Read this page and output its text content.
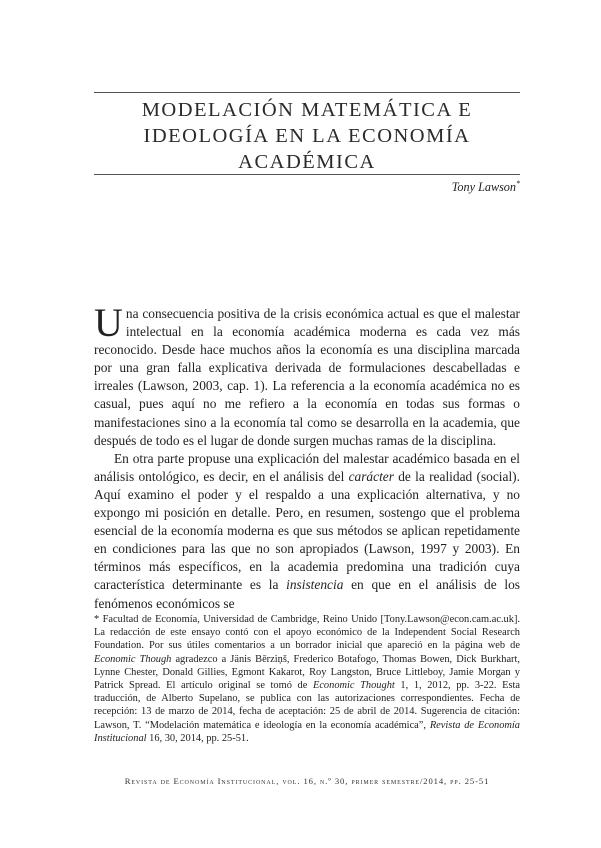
MODELACIÓN MATEMÁTICA E
IDEOLOGÍA EN LA ECONOMÍA
ACADÉMICA
Tony Lawson*

Una consecuencia positiva de la crisis económica actual es que el malestar intelectual en la economía académica moderna es cada vez más reconocido. Desde hace muchos años la economía es una disciplina marcada por una gran falla explicativa derivada de formulaciones descabelladas e irreales (Lawson, 2003, cap. 1). La referencia a la economía académica no es casual, pues aquí no me refiero a la economía en todas sus formas o manifestaciones sino a la economía tal como se desarrolla en la academia, que después de todo es el lugar de donde surgen muchas ramas de la disciplina.

En otra parte propuse una explicación del malestar académico basada en el análisis ontológico, es decir, en el análisis del carácter de la realidad (social). Aquí examino el poder y el respaldo a una explicación alternativa, y no expongo mi posición en detalle. Pero, en resumen, sostengo que el problema esencial de la economía moderna es que sus métodos se aplican repetidamente en condiciones para las que no son apropiados (Lawson, 1997 y 2003). En términos más específicos, en la academia predomina una tradición cuya característica determinante es la insistencia en que en el análisis de los fenómenos económicos se

* Facultad de Economía, Universidad de Cambridge, Reino Unido [Tony.Lawson@econ.cam.ac.uk]. La redacción de este ensayo contó con el apoyo económico de la Independent Social Research Foundation. Por sus útiles comentarios a un borrador inicial que apareció en la página web de Economic Though agradezco a Jänis Bērziņš, Frederico Botafogo, Thomas Bowen, Dick Burkhart, Lynne Chester, Donald Gillies, Egmont Kakarot, Roy Langston, Bruce Littleboy, Jamie Morgan y Patrick Spread. El artículo original se tomó de Economic Thought 1, 1, 2012, pp. 3-22. Esta traducción, de Alberto Supelano, se publica con las autorizaciones correspondientes. Fecha de recepción: 13 de marzo de 2014, fecha de aceptación: 25 de abril de 2014. Sugerencia de citación: Lawson, T. “Modelación matemática e ideología en la economía académica”, Revista de Economía Institucional 16, 30, 2014, pp. 25-51.
Revista de Economía Institucional, vol. 16, n.º 30, primer semestre/2014, pp. 25-51
